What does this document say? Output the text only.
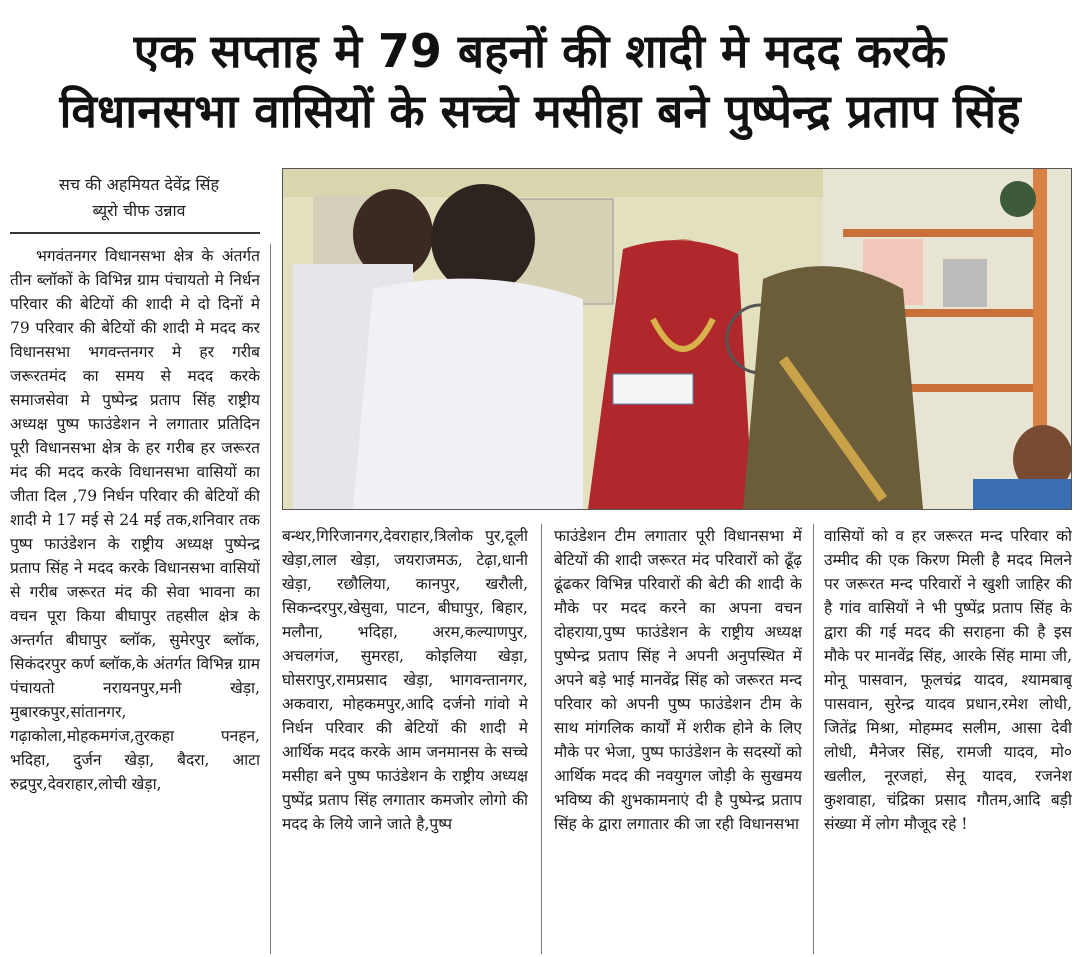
एक सप्ताह मे 79 बहनों की शादी मे मदद करके
विधानसभा वासियों के सच्चे मसीहा बने पुष्पेन्द्र प्रताप सिंह
सच की अहमियत देवेंद्र सिंह
ब्यूरो चीफ उन्नाव
भगवंतनगर विधानसभा क्षेत्र के अंतर्गत तीन ब्लॉकों के विभिन्न ग्राम पंचायतो मे निर्धन परिवार की बेटियों की शादी मे दो दिनों मे 79 परिवार की बेटियों की शादी मे मदद कर विधानसभा भगवन्तनगर मे हर गरीब जरूरतमंद का समय से मदद करके समाजसेवा मे पुष्पेन्द्र प्रताप सिंह राष्ट्रीय अध्यक्ष पुष्प फाउंडेशन ने लगातार प्रतिदिन पूरी विधानसभा क्षेत्र के हर गरीब हर जरूरत मंद की मदद करके विधानसभा वासियों का जीता दिल ,79 निर्धन परिवार की बेटियों की शादी मे 17 मई से 24 मई तक,शनिवार तक पुष्प फाउंडेशन के राष्ट्रीय अध्यक्ष पुष्पेन्द्र प्रताप सिंह ने मदद करके विधानसभा वासियों से गरीब जरूरत मंद की सेवा भावना का वचन पूरा किया बीघापुर तहसील क्षेत्र के अन्तर्गत बीघापुर ब्लॉक, सुमेरपुर ब्लॉक, सिकंदरपुर कर्ण ब्लॉक,के अंतर्गत विभिन्न ग्राम पंचायतो नरायनपुर,मनी खेड़ा, मुबारकपुर,सांतानगर, गढ़ाकोला,मोहकमगंज,तुरकहा पनहन, भदिहा, दुर्जन खेड़ा, बैदरा, आटा रुद्रपुर,देवराहार,लोची खेड़ा,
बन्थर,गिरिजानगर,देवराहार,त्रिलोक पुर,दूली खेड़ा,लाल खेड़ा, जयराजमऊ, टेढ़ा,धानी खेड़ा, रछौलिया, कानपुर, खरौली, सिकन्दरपुर,खेसुवा, पाटन, बीघापुर, बिहार, मलौना, भदिहा, अरम,कल्याणपुर, अचलगंज, सुमरहा, कोइलिया खेड़ा, घोसरापुर,रामप्रसाद खेड़ा, भागवन्तानगर, अकवारा, मोहकमपुर,आदि दर्जनो गांवो मे निर्धन परिवार की बेटियों की शादी मे आर्थिक मदद करके आम जनमानस के सच्चे मसीहा बने पुष्प फाउंडेशन के राष्ट्रीय अध्यक्ष पुष्पेंद्र प्रताप सिंह लगातार कमजोर लोगो की मदद के लिये जाने जाते है,पुष्प
फाउंडेशन टीम लगातार पूरी विधानसभा में बेटियों की शादी जरूरत मंद परिवारों को ढूँढ़ ढूंढकर विभिन्न परिवारों की बेटी की शादी के मौके पर मदद करने का अपना वचन दोहराया,पुष्प फाउंडेशन के राष्ट्रीय अध्यक्ष पुष्पेन्द्र प्रताप सिंह ने अपनी अनुपस्थित में अपने बड़े भाई मानवेंद्र सिंह को जरूरत मन्द परिवार को अपनी पुष्प फाउंडेशन टीम के साथ मांगलिक कार्यों में शरीक होने के लिए मौके पर भेजा, पुष्प फाउंडेशन के सदस्यों को आर्थिक मदद की नवयुगल जोड़ी के सुखमय भविष्य की शुभकामनाएं दी है पुष्पेन्द्र प्रताप सिंह के द्वारा लगातार की जा रही विधानसभा
वासियों को व हर जरूरत मन्द परिवार को उम्मीद की एक किरण मिली है मदद मिलने पर जरूरत मन्द परिवारों ने खुशी जाहिर की है गांव वासियों ने भी पुष्पेंद्र प्रताप सिंह के द्वारा की गई मदद की सराहना की है इस मौके पर मानवेंद्र सिंह, आरके सिंह मामा जी, मोनू पासवान, फूलचंद्र यादव, श्यामबाबू पासवान, सुरेन्द्र यादव प्रधान,रमेश लोधी, जितेंद्र मिश्रा, मोहम्मद सलीम, आसा देवी लोधी, मैनेजर सिंह, रामजी यादव, मो० खलील, नूरजहां, सेनू यादव, रजनेश कुशवाहा, चंद्रिका प्रसाद गौतम,आदि बड़ी संख्या में लोग मौजूद रहे !
